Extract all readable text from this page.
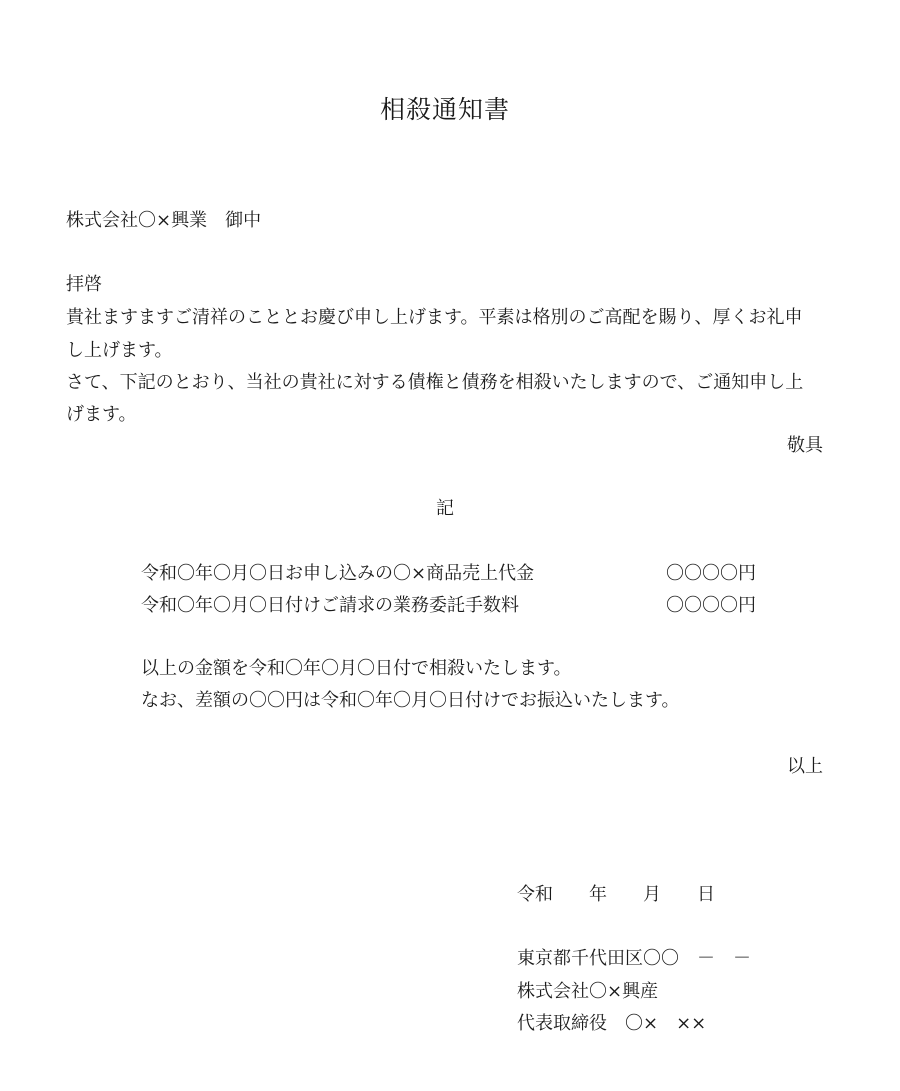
相殺通知書
株式会社〇×興業　御中
拝啓
貴社ますますご清祥のこととお慶び申し上げます。平素は格別のご高配を賜り、厚くお礼申
し上げます。
さて、下記のとおり、当社の貴社に対する債権と債務を相殺いたしますので、ご通知申し上
げます。
敬具
記
令和〇年〇月〇日お申し込みの〇×商品売上代金	〇〇〇〇円
令和〇年〇月〇日付けご請求の業務委託手数料	〇〇〇〇円
以上の金額を令和〇年〇月〇日付で相殺いたします。
なお、差額の〇〇円は令和〇年〇月〇日付けでお振込いたします。
以上
令和　　年　　月　　日
東京都千代田区〇〇　－　－
株式会社〇×興産
代表取締役　〇×　××
